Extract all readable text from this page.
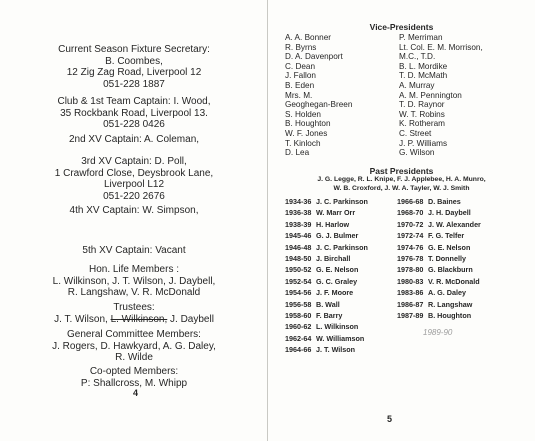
Current Season Fixture Secretary:
B. Coombes,
12 Zig Zag Road, Liverpool 12
051-228 1887
Club & 1st Team Captain: I. Wood,
35 Rockbank Road, Liverpool 13.
051-228 0426
2nd XV Captain: A. Coleman,
3rd XV Captain: D. Poll,
1 Crawford Close, Deysbrook Lane,
Liverpool L12
051-220 2676
4th XV Captain: W. Simpson,
5th XV Captain: Vacant
Hon. Life Members :
L. Wilkinson, J. T. Wilson, J. Daybell,
R. Langshaw, V. R. McDonald
Trustees:
J. T. Wilson, L. Wilkinson, J. Daybell
General Committee Members:
J. Rogers, D. Hawkyard, A. G. Daley,
R. Wilde
Co-opted Members:
P: Shallcross, M. Whipp
4
Vice-Presidents
A. A. Bonner
R. Byrns
D. A. Davenport
C. Dean
J. Fallon
B. Eden
Mrs. M.
Geoghegan-Breen
S. Holden
B. Houghton
W. F. Jones
T. Kinloch
D. Lea
P. Merriman
Lt. Col. E. M. Morrison,
M.C., T.D.
B. L. Mordike
T. D. McMath
A. Murray
A. M. Pennington
T. D. Raynor
W. T. Robins
K. Rotheram
C. Street
J. P. Williams
G. Wilson
Past Presidents
J. G. Legge, R. L. Knipe, F. J. Applebee, H. A. Munro,
W. B. Croxford, J. W. A. Tayler, W. J. Smith
1934-36 J. C. Parkinson
1936-38 W. Marr Orr
1938-39 H. Harlow
1945-46 G. J. Bulmer
1946-48 J. C. Parkinson
1948-50 J. Birchall
1950-52 G. E. Nelson
1952-54 G. C. Graley
1954-56 J. F. Moore
1956-58 B. Wall
1958-60 F. Barry
1960-62 L. Wilkinson
1962-64 W. Williamson
1964-66 J. T. Wilson
1966-68 D. Baines
1968-70 J. H. Daybell
1970-72 J. W. Alexander
1972-74 F. G. Telfer
1974-76 G. E. Nelson
1976-78 T. Donnelly
1978-80 G. Blackburn
1980-83 V. R. McDonald
1983-86 A. G. Daley
1986-87 R. Langshaw
1987-89 B. Houghton
1989-90
5
